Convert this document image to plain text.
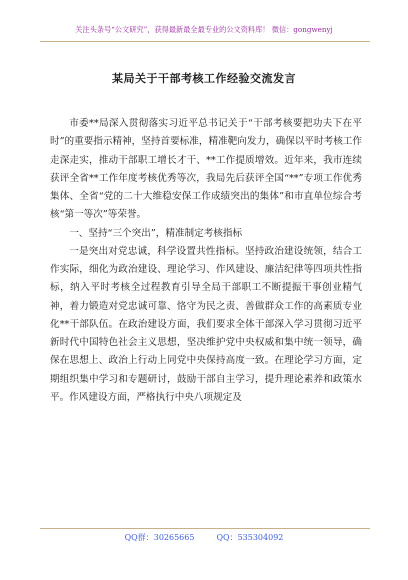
关注头条号“公文研究”，获得最新最全最专业的公文资料库！ 微信：gongwenyj
某局关于干部考核工作经验交流发言

市委**局深入贯彻落实习近平总书记关于“干部考核要把功夫下在平时”的重要指示精神，坚持首要标准，精准靶向发力，确保以平时考核工作走深走实，推动干部职工增长才干、**工作提质增效。近年来，我市连续获评全省**工作年度考核优秀等次，我局先后获评全国“**”专项工作优秀集体、全省“党的二十大维稳安保工作成绩突出的集体”和市直单位综合考核“第一等次”等荣誉。

一、坚持“三个突出”，精准制定考核指标

一是突出对党忠诚，科学设置共性指标。坚持政治建设统领，结合工作实际，细化为政治建设、理论学习、作风建设、廉洁纪律等四项共性指标，纳入平时考核全过程教育引导全局干部职工不断提振干事创业精气神，着力锻造对党忠诚可靠、恪守为民之责、善做群众工作的高素质专业化**干部队伍。在政治建设方面，我们要求全体干部深入学习贯彻习近平新时代中国特色社会主义思想，坚决维护党中央权威和集中统一领导，确保在思想上、政治上行动上同党中央保持高度一致。在理论学习方面，定期组织集中学习和专题研讨，鼓励干部自主学习，提升理论素养和政策水平。作风建设方面，严格执行中央八项规定及

QQ群：30265665	QQ：535304092
